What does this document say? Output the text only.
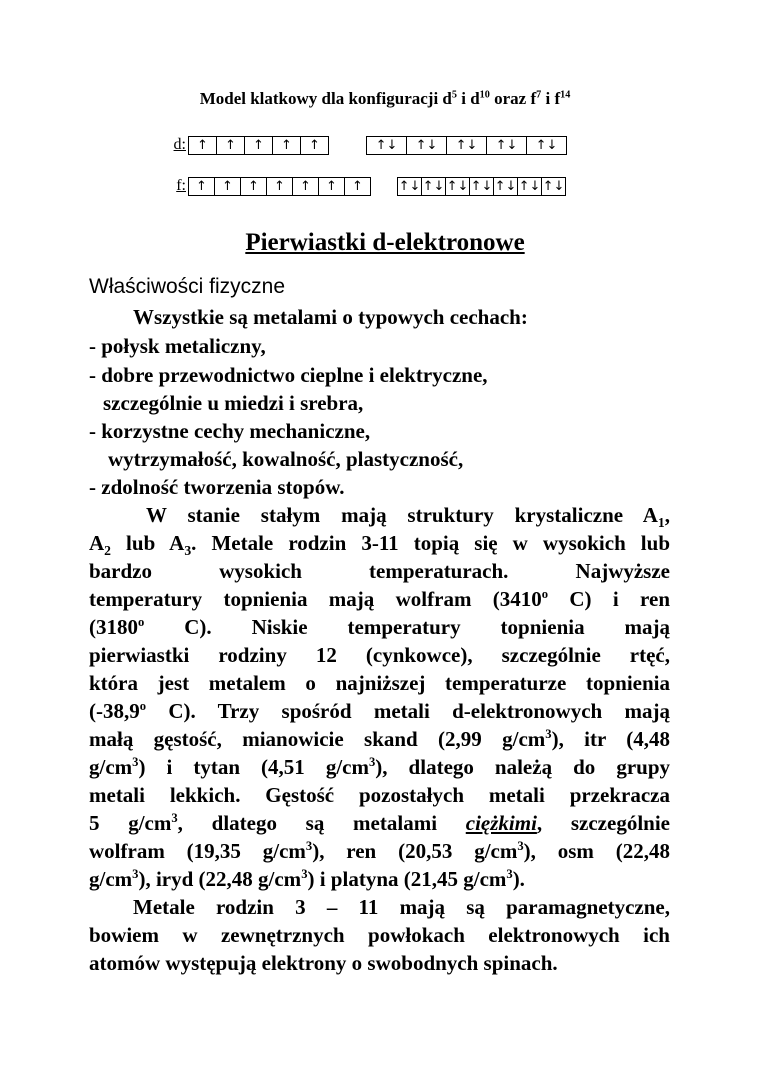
Model klatkowy dla konfiguracji $d^5$ i $d^{10}$ oraz $f^7$ i $f^{14}$
d: ↑	↑	↑	↑	↑	↑↓	↑↓	↑↓	↑↓	↑↓
f: ↑	↑	↑	↑	↑	↑	↑	↑↓ ↑↓ ↑↓ ↑↓ ↑↓ ↑↓ ↑↓
Pierwiastki d-elektronowe
Właściwości fizyczne
Wszystkie są metalami o typowych cechach:
- połysk metaliczny,
- dobre przewodnictwo cieplne i elektryczne,
szczególnie u miedzi i srebra,
- korzystne cechy mechaniczne,
wytrzymałość, kowalność, plastyczność,
- zdolność tworzenia stopów.
W stanie stałym mają struktury krystaliczne $A_1$,
$A_2$ lub $A_3$. Metale rodzin 3-11 topią się w wysokich lub
bardzo wysokich temperaturach. Najwyższe
temperatury topnienia mają wolfram (3410$^o$ C) i ren
(3180$^o$ C). Niskie temperatury topnienia mają
pierwiastki rodziny 12 (cynkowce), szczególnie rtęć,
która jest metalem o najniższej temperaturze topnienia
(-38,9$^o$ C). Trzy spośród metali d-elektronowych mają
małą gęstość, mianowicie skand (2,99 $g/cm^3$), itr (4,48
$g/cm^3$) i tytan (4,51 $g/cm^3$), dlatego należą do grupy
metali lekkich. Gęstość pozostałych metali przekracza
5 $g/cm^3$, dlatego są metalami ciężkimi, szczególnie
wolfram (19,35 $g/cm^3$), ren (20,53 $g/cm^3$), osm (22,48
$g/cm^3$), iryd (22,48 $g/cm^3$) i platyna (21,45 $g/cm^3$).
Metale rodzin 3 – 11 mają są paramagnetyczne,
bowiem w zewnętrznych powłokach elektronowych ich
atomów występują elektrony o swobodnych spinach.
